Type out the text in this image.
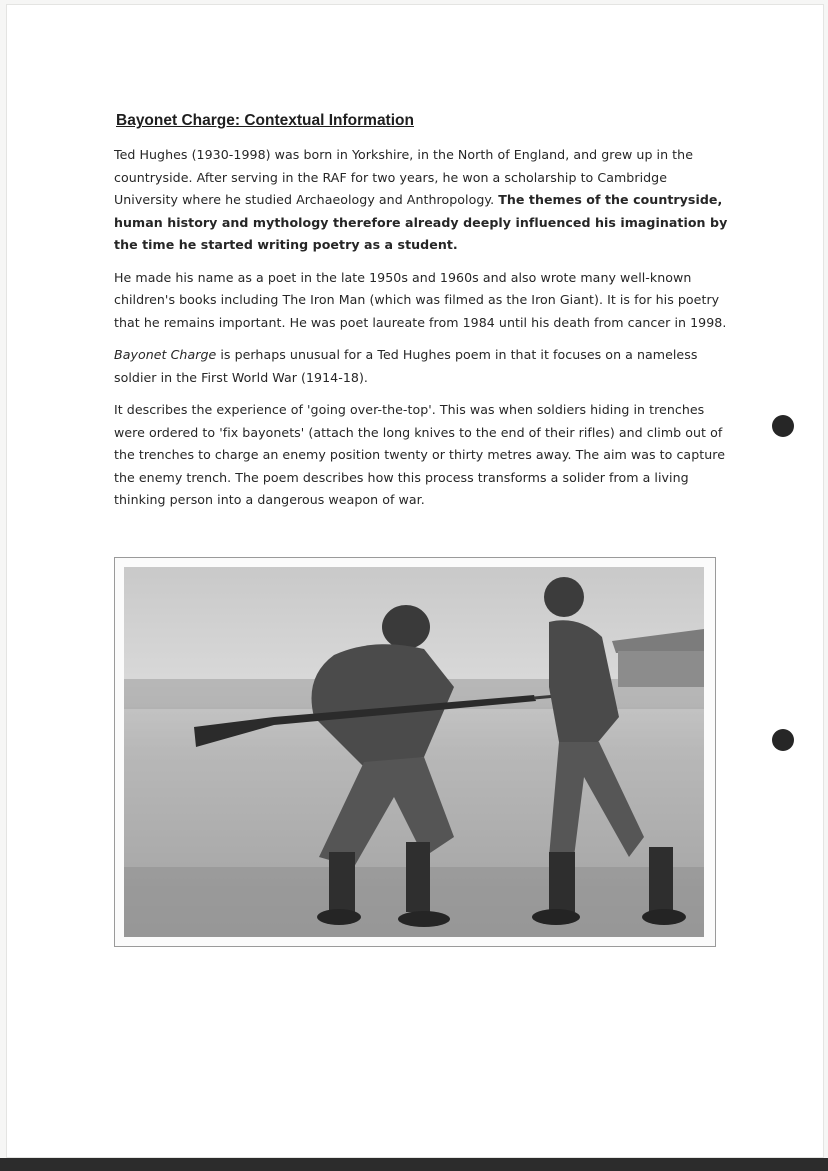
Bayonet Charge: Contextual Information

Ted Hughes (1930-1998) was born in Yorkshire, in the North of England, and grew up in the countryside. After serving in the RAF for two years, he won a scholarship to Cambridge University where he studied Archaeology and Anthropology. The themes of the countryside, human history and mythology therefore already deeply influenced his imagination by the time he started writing poetry as a student.

He made his name as a poet in the late 1950s and 1960s and also wrote many well-known children's books including The Iron Man (which was filmed as the Iron Giant). It is for his poetry that he remains important. He was poet laureate from 1984 until his death from cancer in 1998.

Bayonet Charge is perhaps unusual for a Ted Hughes poem in that it focuses on a nameless soldier in the First World War (1914-18).

It describes the experience of 'going over-the-top'. This was when soldiers hiding in trenches were ordered to 'fix bayonets' (attach the long knives to the end of their rifles) and climb out of the trenches to charge an enemy position twenty or thirty metres away. The aim was to capture the enemy trench. The poem describes how this process transforms a solider from a living thinking person into a dangerous weapon of war.
